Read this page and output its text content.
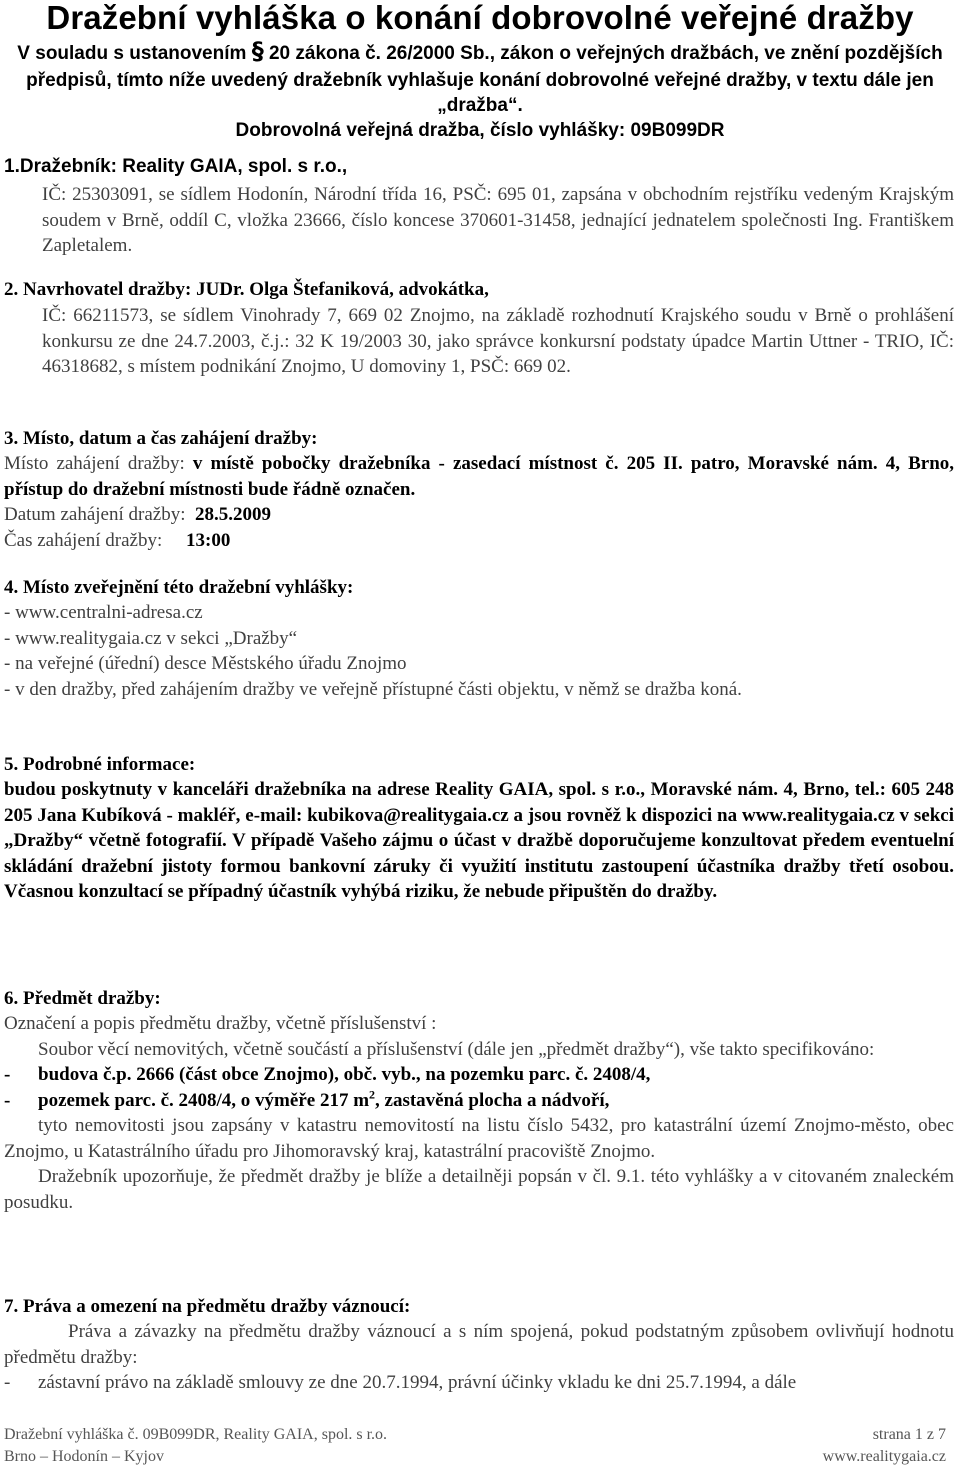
Dražební vyhláška o konání dobrovolné veřejné dražby
V souladu s ustanovením § 20 zákona č. 26/2000 Sb., zákon o veřejných dražbách, ve znění pozdějších předpisů, tímto níže uvedený dražebník vyhlašuje konání dobrovolné veřejné dražby, v textu dále jen „dražba“.
Dobrovolná veřejná dražba, číslo vyhlášky: 09B099DR
1.Dražebník: Reality GAIA, spol. s r.o.,
IČ: 25303091, se sídlem Hodonín, Národní třída 16, PSČ: 695 01, zapsána v obchodním rejstříku vedeným Krajským soudem v Brně, oddíl C, vložka 23666, číslo koncese 370601-31458, jednající jednatelem společnosti Ing. Františkem Zapletalem.
2. Navrhovatel dražby: JUDr. Olga Štefaniková, advokátka,
IČ: 66211573, se sídlem Vinohrady 7, 669 02 Znojmo, na základě rozhodnutí Krajského soudu v Brně o prohlášení konkursu ze dne 24.7.2003, č.j.: 32 K 19/2003 30, jako správce konkursní podstaty úpadce Martin Uttner - TRIO, IČ: 46318682, s místem podnikání Znojmo, U domoviny 1, PSČ: 669 02.
3. Místo, datum a čas zahájení dražby:
Místo zahájení dražby: v místě pobočky dražebníka - zasedací místnost č. 205 II. patro, Moravské nám. 4, Brno, přístup do dražební místnosti bude řádně označen.
Datum zahájení dražby: 28.5.2009
Čas zahájení dražby: 13:00
4. Místo zveřejnění této dražební vyhlášky:
- www.centralni-adresa.cz
- www.realitygaia.cz v sekci „Dražby“
- na veřejné (úřední) desce Městského úřadu Znojmo
- v den dražby, před zahájením dražby ve veřejně přístupné části objektu, v němž se dražba koná.
5. Podrobné informace:
budou poskytnuty v kanceláři dražebníka na adrese Reality GAIA, spol. s r.o., Moravské nám. 4, Brno, tel.: 605 248 205 Jana Kubíková - makléř, e-mail: kubikova@realitygaia.cz a jsou rovněž k dispozici na www.realitygaia.cz v sekci „Dražby“ včetně fotografií. V případě Vašeho zájmu o účast v dražbě doporučujeme konzultovat předem eventuelní skládání dražební jistoty formou bankovní záruky či využití institutu zastoupení účastníka dražby třetí osobou. Včasnou konzultací se případný účastník vyhýbá riziku, že nebude připuštěn do dražby.
6. Předmět dražby:
Označení a popis předmětu dražby, včetně příslušenství :
Soubor věcí nemovitých, včetně součástí a příslušenství (dále jen „předmět dražby“), vše takto specifikováno:
- budova č.p. 2666 (část obce Znojmo), obč. vyb., na pozemku parc. č. 2408/4,
- pozemek parc. č. 2408/4, o výměře 217 $m^2$, zastavěná plocha a nádvoří,
tyto nemovitosti jsou zapsány v katastru nemovitostí na listu číslo 5432, pro katastrální území Znojmo-město, obec Znojmo, u Katastrálního úřadu pro Jihomoravský kraj, katastrální pracoviště Znojmo.
Dražebník upozorňuje, že předmět dražby je blíže a detailněji popsán v čl. 9.1. této vyhlášky a v citovaném znaleckém posudku.
7. Práva a omezení na předmětu dražby váznoucí:
Práva a závazky na předmětu dražby váznoucí a s ním spojená, pokud podstatným způsobem ovlivňují hodnotu předmětu dražby:
- zástavní právo na základě smlouvy ze dne 20.7.1994, právní účinky vkladu ke dni 25.7.1994, a dále
Dražební vyhláška č. 09B099DR, Reality GAIA, spol. s r.o.
Brno – Hodonín – Kyjov
strana 1 z 7
www.realitygaia.cz
